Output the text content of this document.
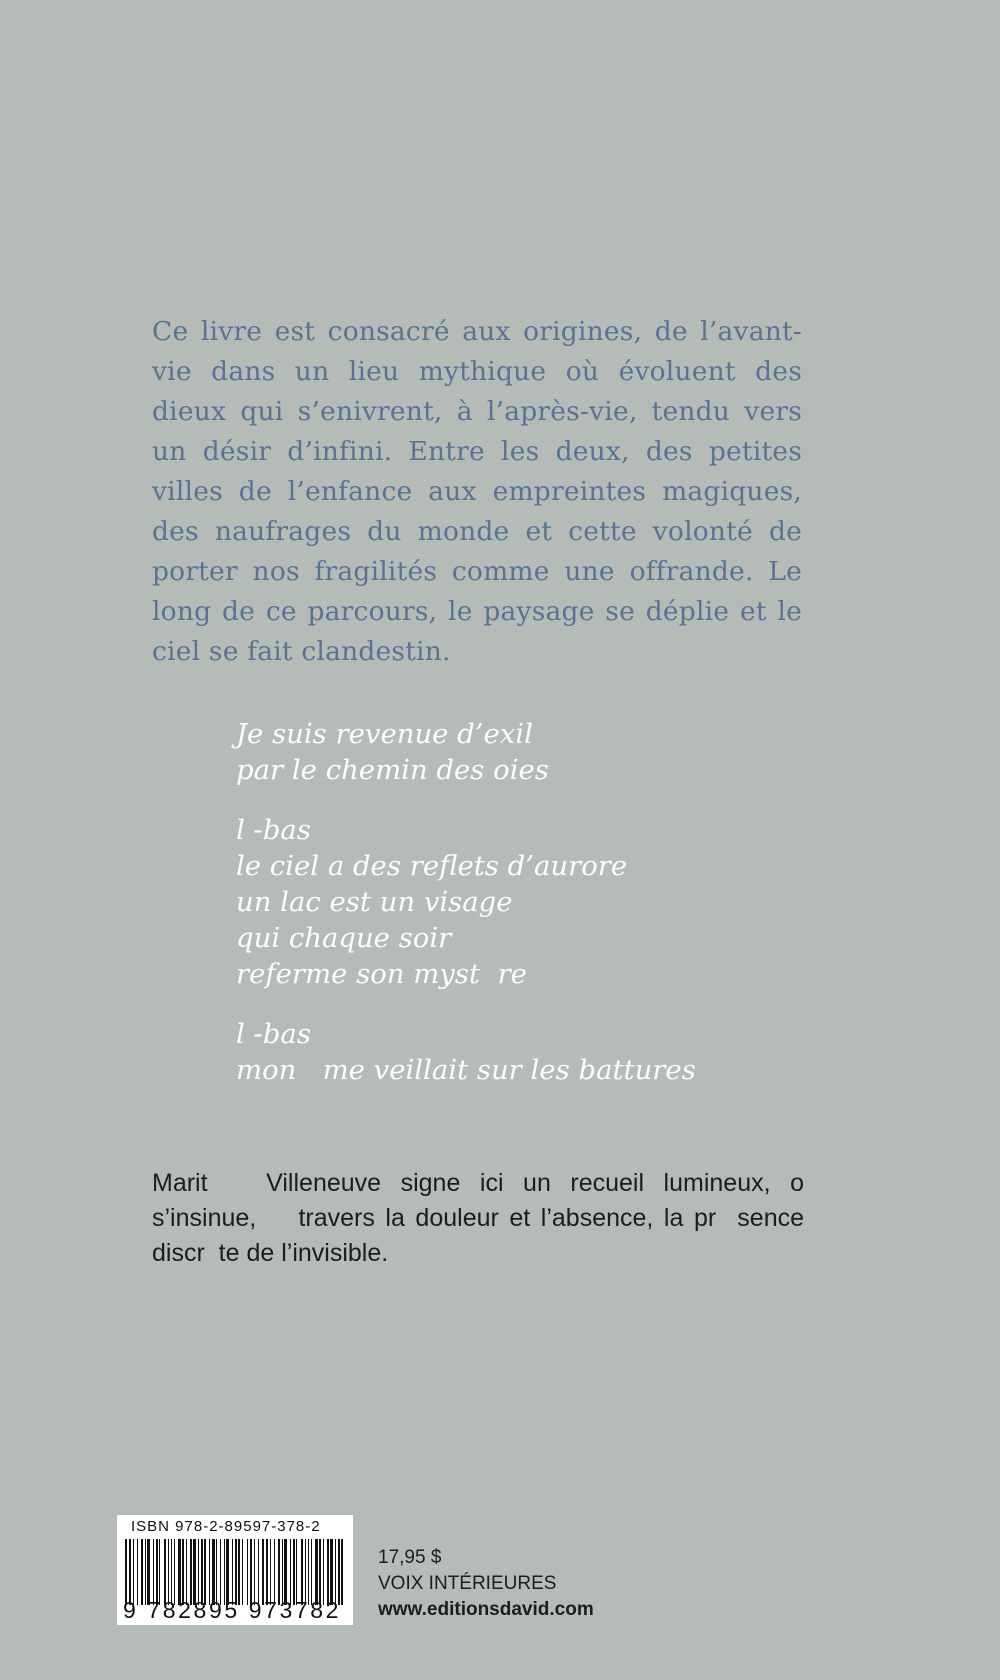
Ce livre est consacré aux origines, de l’avant-vie dans un lieu mythique où évoluent des dieux qui s’enivrent, à l’après-vie, tendu vers un désir d’infini. Entre les deux, des petites villes de l’enfance aux empreintes magiques, des naufrages du monde et cette volonté de porter nos fragilités comme une offrande. Le long de ce parcours, le paysage se déplie et le ciel se fait clandestin.

Je suis revenue d’exil
par le chemin des oies
l -bas
le ciel a des reflets d’aurore
un lac est un visage
qui chaque soir
referme son myst  re
l -bas
mon   me veillait sur les battures

Marit   Villeneuve signe ici un recueil lumineux, o  s’insinue,    travers la douleur et l’absence, la pr  sence discr  te de l’invisible.

ISBN 978-2-89597-378-2
9 782895 973782
17,95 $
VOIX INTÉRIEURES
www.editionsdavid.com
